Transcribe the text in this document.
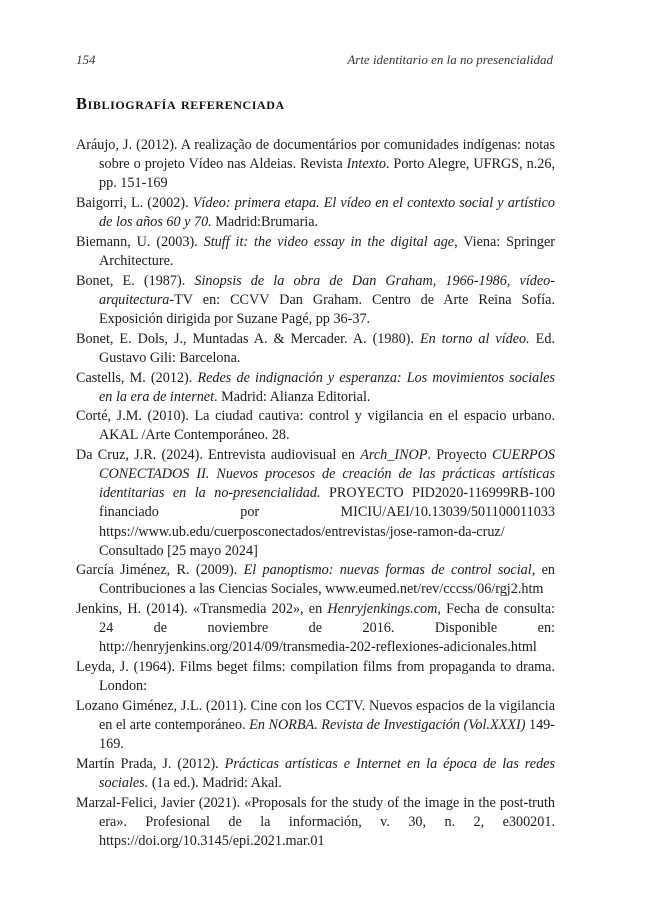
154	Arte identitario en la no presencialidad
Bibliografía referenciada
Aráujo, J. (2012). A realização de documentários por comunidades indígenas: notas sobre o projeto Vídeo nas Aldeias. Revista Intexto. Porto Alegre, UFRGS, n.26, pp. 151-169
Baigorri, L. (2002). Vídeo: primera etapa. El vídeo en el contexto social y artístico de los años 60 y 70. Madrid:Brumaria.
Biemann, U. (2003). Stuff it: the video essay in the digital age, Viena: Springer Architecture.
Bonet, E. (1987). Sinopsis de la obra de Dan Graham, 1966-1986, vídeo-arquitectura-TV en: CCVV Dan Graham. Centro de Arte Reina Sofía. Exposición dirigida por Suzane Pagé, pp 36-37.
Bonet, E. Dols, J., Muntadas A. & Mercader. A. (1980). En torno al vídeo. Ed. Gustavo Gili: Barcelona.
Castells, M. (2012). Redes de indignación y esperanza: Los movimientos sociales en la era de internet. Madrid: Alianza Editorial.
Corté, J.M. (2010). La ciudad cautiva: control y vigilancia en el espacio urbano. AKAL /Arte Contemporáneo. 28.
Da Cruz, J.R. (2024). Entrevista audiovisual en Arch_INOP. Proyecto CUERPOS CONECTADOS II. Nuevos procesos de creación de las prácticas artísticas identitarias en la no-presencialidad. PROYECTO PID2020-116999RB-100 financiado por MICIU/AEI/10.13039/501100011033 https://www.ub.edu/cuerposconectados/entrevistas/jose-ramon-da-cruz/ Consultado [25 mayo 2024]
García Jiménez, R. (2009). El panoptismo: nuevas formas de control social, en Contribuciones a las Ciencias Sociales, www.eumed.net/rev/cccss/06/rgj2.htm
Jenkins, H. (2014). «Transmedia 202», en Henryjenkings.com, Fecha de consulta: 24 de noviembre de 2016. Disponible en: http://henryjenkins.org/2014/09/transmedia-202-reflexiones-adicionales.html
Leyda, J. (1964). Films beget films: compilation films from propaganda to drama. London:
Lozano Giménez, J.L. (2011). Cine con los CCTV. Nuevos espacios de la vigilancia en el arte contemporáneo. En NORBA. Revista de Investigación (Vol.XXXI) 149-169.
Martín Prada, J. (2012). Prácticas artísticas e Internet en la época de las redes sociales. (1a ed.). Madrid: Akal.
Marzal-Felici, Javier (2021). «Proposals for the study of the image in the post-truth era». Profesional de la información, v. 30, n. 2, e300201. https://doi.org/10.3145/epi.2021.mar.01
